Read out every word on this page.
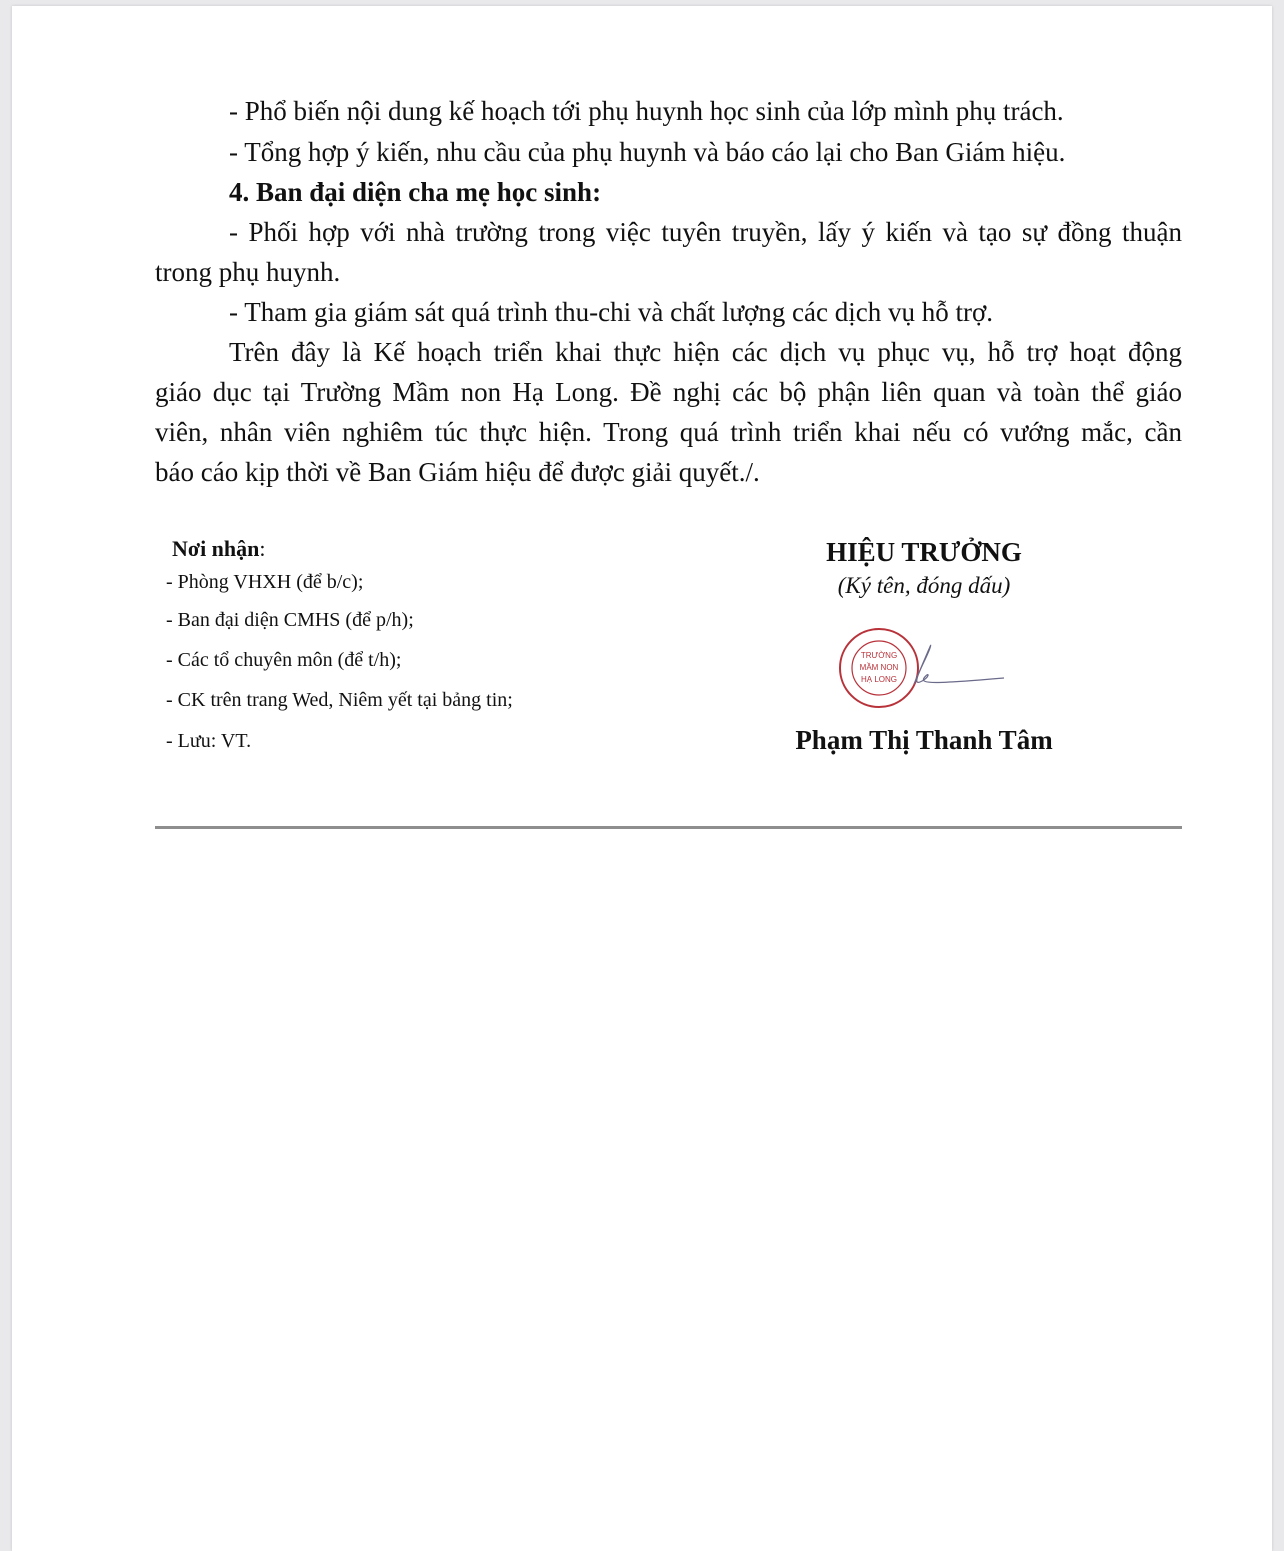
- Phổ biến nội dung kế hoạch tới phụ huynh học sinh của lớp mình phụ trách.
- Tổng hợp ý kiến, nhu cầu của phụ huynh và báo cáo lại cho Ban Giám hiệu.
4. Ban đại diện cha mẹ học sinh:
- Phối hợp với nhà trường trong việc tuyên truyền, lấy ý kiến và tạo sự đồng thuận
trong phụ huynh.
- Tham gia giám sát quá trình thu-chi và chất lượng các dịch vụ hỗ trợ.
Trên đây là Kế hoạch triển khai thực hiện các dịch vụ phục vụ, hỗ trợ hoạt động
giáo dục tại Trường Mầm non Hạ Long. Đề nghị các bộ phận liên quan và toàn thể giáo
viên, nhân viên nghiêm túc thực hiện. Trong quá trình triển khai nếu có vướng mắc, cần
báo cáo kịp thời về Ban Giám hiệu để được giải quyết./.
Nơi nhận:
- Phòng VHXH (để b/c);
- Ban đại diện CMHS (để p/h);
- Các tổ chuyên môn (để t/h);
- CK trên trang Wed, Niêm yết tại bảng tin;
- Lưu: VT.
HIỆU TRƯỞNG
(Ký tên, đóng dấu)
TRƯỜNG
MẦM NON
HẠ LONG
Phạm Thị Thanh Tâm
